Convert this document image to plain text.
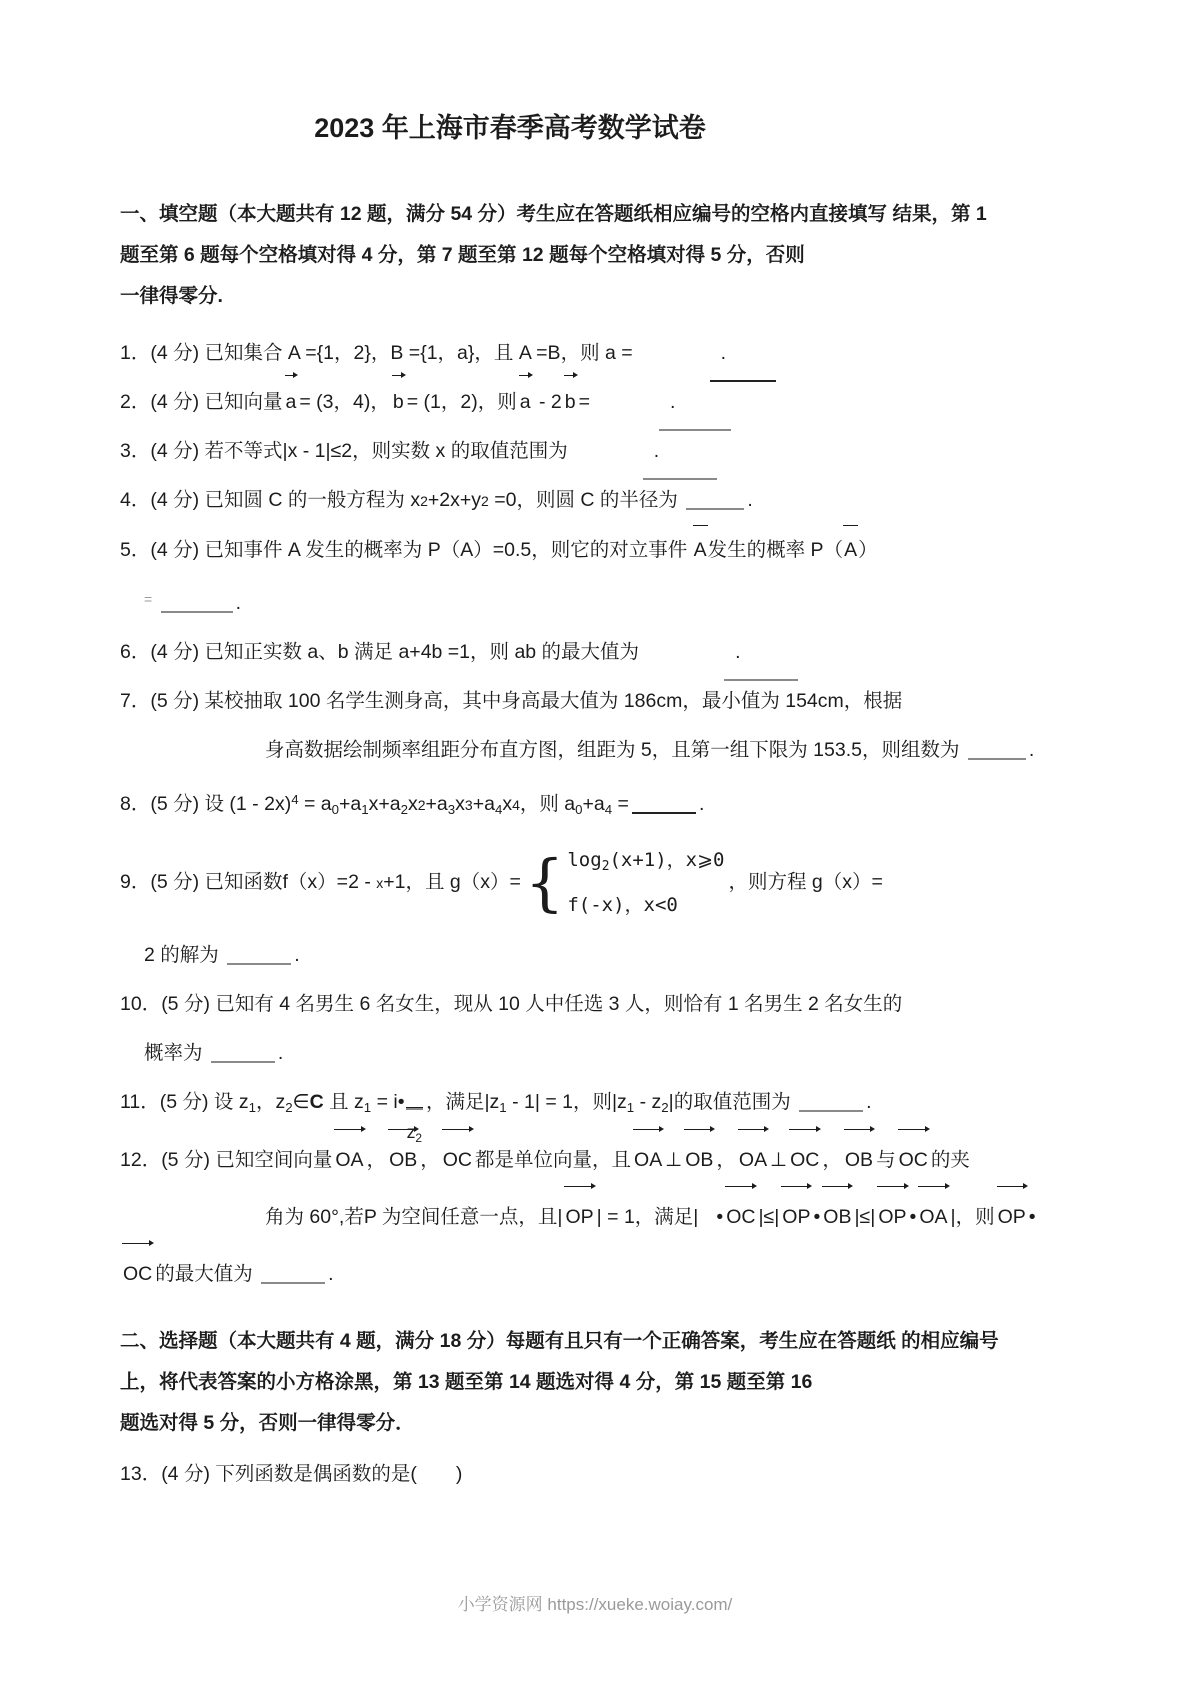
2023 年上海市春季高考数学试卷
一、填空题（本大题共有 12 题，满分 54 分）考生应在答题纸相应编号的空格内直接填写 结果，第 1
题至第 6 题每个空格填对得 4 分，第 7 题至第 12 题每个空格填对得 5 分，否则
一律得零分.
1．(4 分) 已知集合 A ={1，2}，B ={1，a}，且 A =B，则 a =	.
2．(4 分) 已知向量 a = (3，4)， b = (1，2)，则 a - 2 b =	.
3．(4 分) 若不等式|x - 1|≤2，则实数 x 的取值范围为	.
4．(4 分) 已知圆 C 的一般方程为 x2+2x+y2 =0，则圆 C 的半径为	.
5．(4 分) 已知事件 A 发生的概率为 P（A）=0.5，则它的对立事件 A发生的概率 P（A）
=	.
6．(4 分) 已知正实数 a、b 满足 a+4b =1，则 ab 的最大值为	.
7．(5 分) 某校抽取 100 名学生测身高，其中身高最大值为 186cm，最小值为 154cm，根据
身高数据绘制频率组距分布直方图，组距为 5，且第一组下限为 153.5，则组数为	.
8．(5 分) 设 $(1 - 2x)^4 = a_0+a_1x+a_2x2+a_3x3+a_4x4$，则 $a_0+a_4$ =	.
9．(5 分) 已知函数f（x）=2 - x+1，且 g（x）= { $\log_2(x+1)$，x⩾0
f(-x)，x<0
，则方程 g（x）=
2 的解为	.
10．(5 分) 已知有 4 名男生 6 名女生，现从 10 人中任选 3 人，则恰有 1 名男生 2 名女生的
概率为	.
11．(5 分) 设 $z_1$，$z_2\in C$ 且 $z_1$ = $i•z_2$，满足$|z_1 - 1| = 1$，则$|z_1 - z_2|$的取值范围为	.
12．(5 分) 已知空间向量 OA ， OB ， OC 都是单位向量，且 OA ⊥ OB ， OA ⊥ OC ， OB 与 OC 的夹
角为 60°,若P 为空间任意一点，且| OP | = 1，满足| • OC |≤| OP • OB |≤| OP • OA |，则 OP •
OC 的最大值为	.
二、选择题（本大题共有 4 题，满分 18 分）每题有且只有一个正确答案，考生应在答题纸 的相应编号
上，将代表答案的小方格涂黑，第 13 题至第 14 题选对得 4 分，第 15 题至第 16
题选对得 5 分，否则一律得零分．
13．(4 分) 下列函数是偶函数的是(　　)
小学资源网 https://xueke.woiay.com/
